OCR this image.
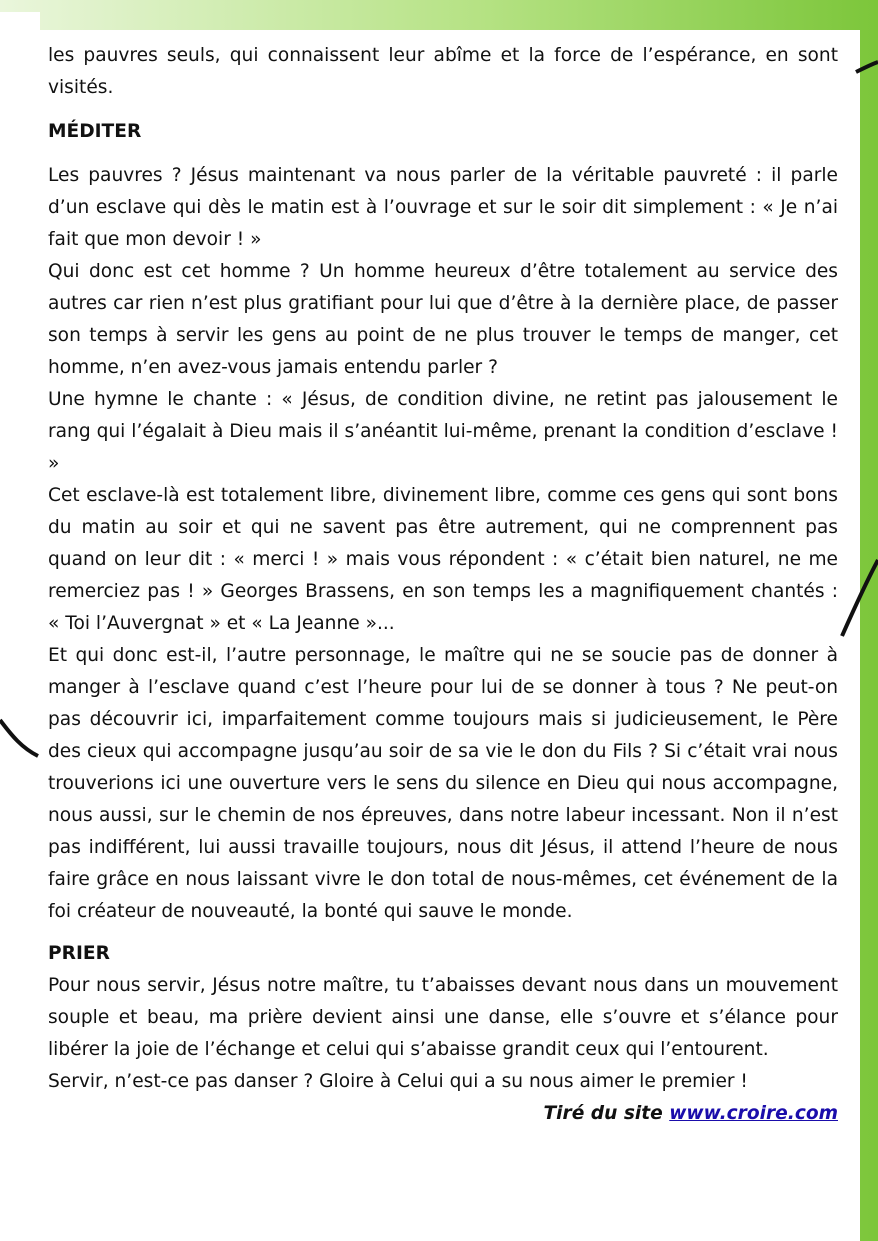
les pauvres seuls, qui connaissent leur abîme et la force de l’espérance, en sont visités.

MÉDITER

Les pauvres ? Jésus maintenant va nous parler de la véritable pauvreté : il parle d’un esclave qui dès le matin est à l’ouvrage et sur le soir dit simplement : « Je n’ai fait que mon devoir ! »

Qui donc est cet homme ? Un homme heureux d’être totalement au service des autres car rien n’est plus gratifiant pour lui que d’être à la dernière place, de passer son temps à servir les gens au point de ne plus trouver le temps de manger, cet homme, n’en avez-vous jamais entendu parler ?

Une hymne le chante : « Jésus, de condition divine, ne retint pas jalousement le rang qui l’égalait à Dieu mais il s’anéantit lui-même, prenant la condition d’esclave ! »

Cet esclave-là est totalement libre, divinement libre, comme ces gens qui sont bons du matin au soir et qui ne savent pas être autrement, qui ne comprennent pas quand on leur dit : « merci ! » mais vous répondent : « c’était bien naturel, ne me remerciez pas ! » Georges Brassens, en son temps les a magnifiquement chantés : « Toi l’Auvergnat » et « La Jeanne »...

Et qui donc est-il, l’autre personnage, le maître qui ne se soucie pas de donner à manger à l’esclave quand c’est l’heure pour lui de se donner à tous ? Ne peut-on pas découvrir ici, imparfaitement comme toujours mais si judicieusement, le Père des cieux qui accompagne jusqu’au soir de sa vie le don du Fils ? Si c’était vrai nous trouverions ici une ouverture vers le sens du silence en Dieu qui nous accompagne, nous aussi, sur le chemin de nos épreuves, dans notre labeur incessant. Non il n’est pas indifférent, lui aussi travaille toujours, nous dit Jésus, il attend l’heure de nous faire grâce en nous laissant vivre le don total de nous-mêmes, cet événement de la foi créateur de nouveauté, la bonté qui sauve le monde.

PRIER

Pour nous servir, Jésus notre maître, tu t’abaisses devant nous dans un mouvement souple et beau, ma prière devient ainsi une danse, elle s’ouvre et s’élance pour libérer la joie de l’échange et celui qui s’abaisse grandit ceux qui l’entourent.

Servir, n’est-ce pas danser ? Gloire à Celui qui a su nous aimer le premier !

Tiré du site www.croire.com
